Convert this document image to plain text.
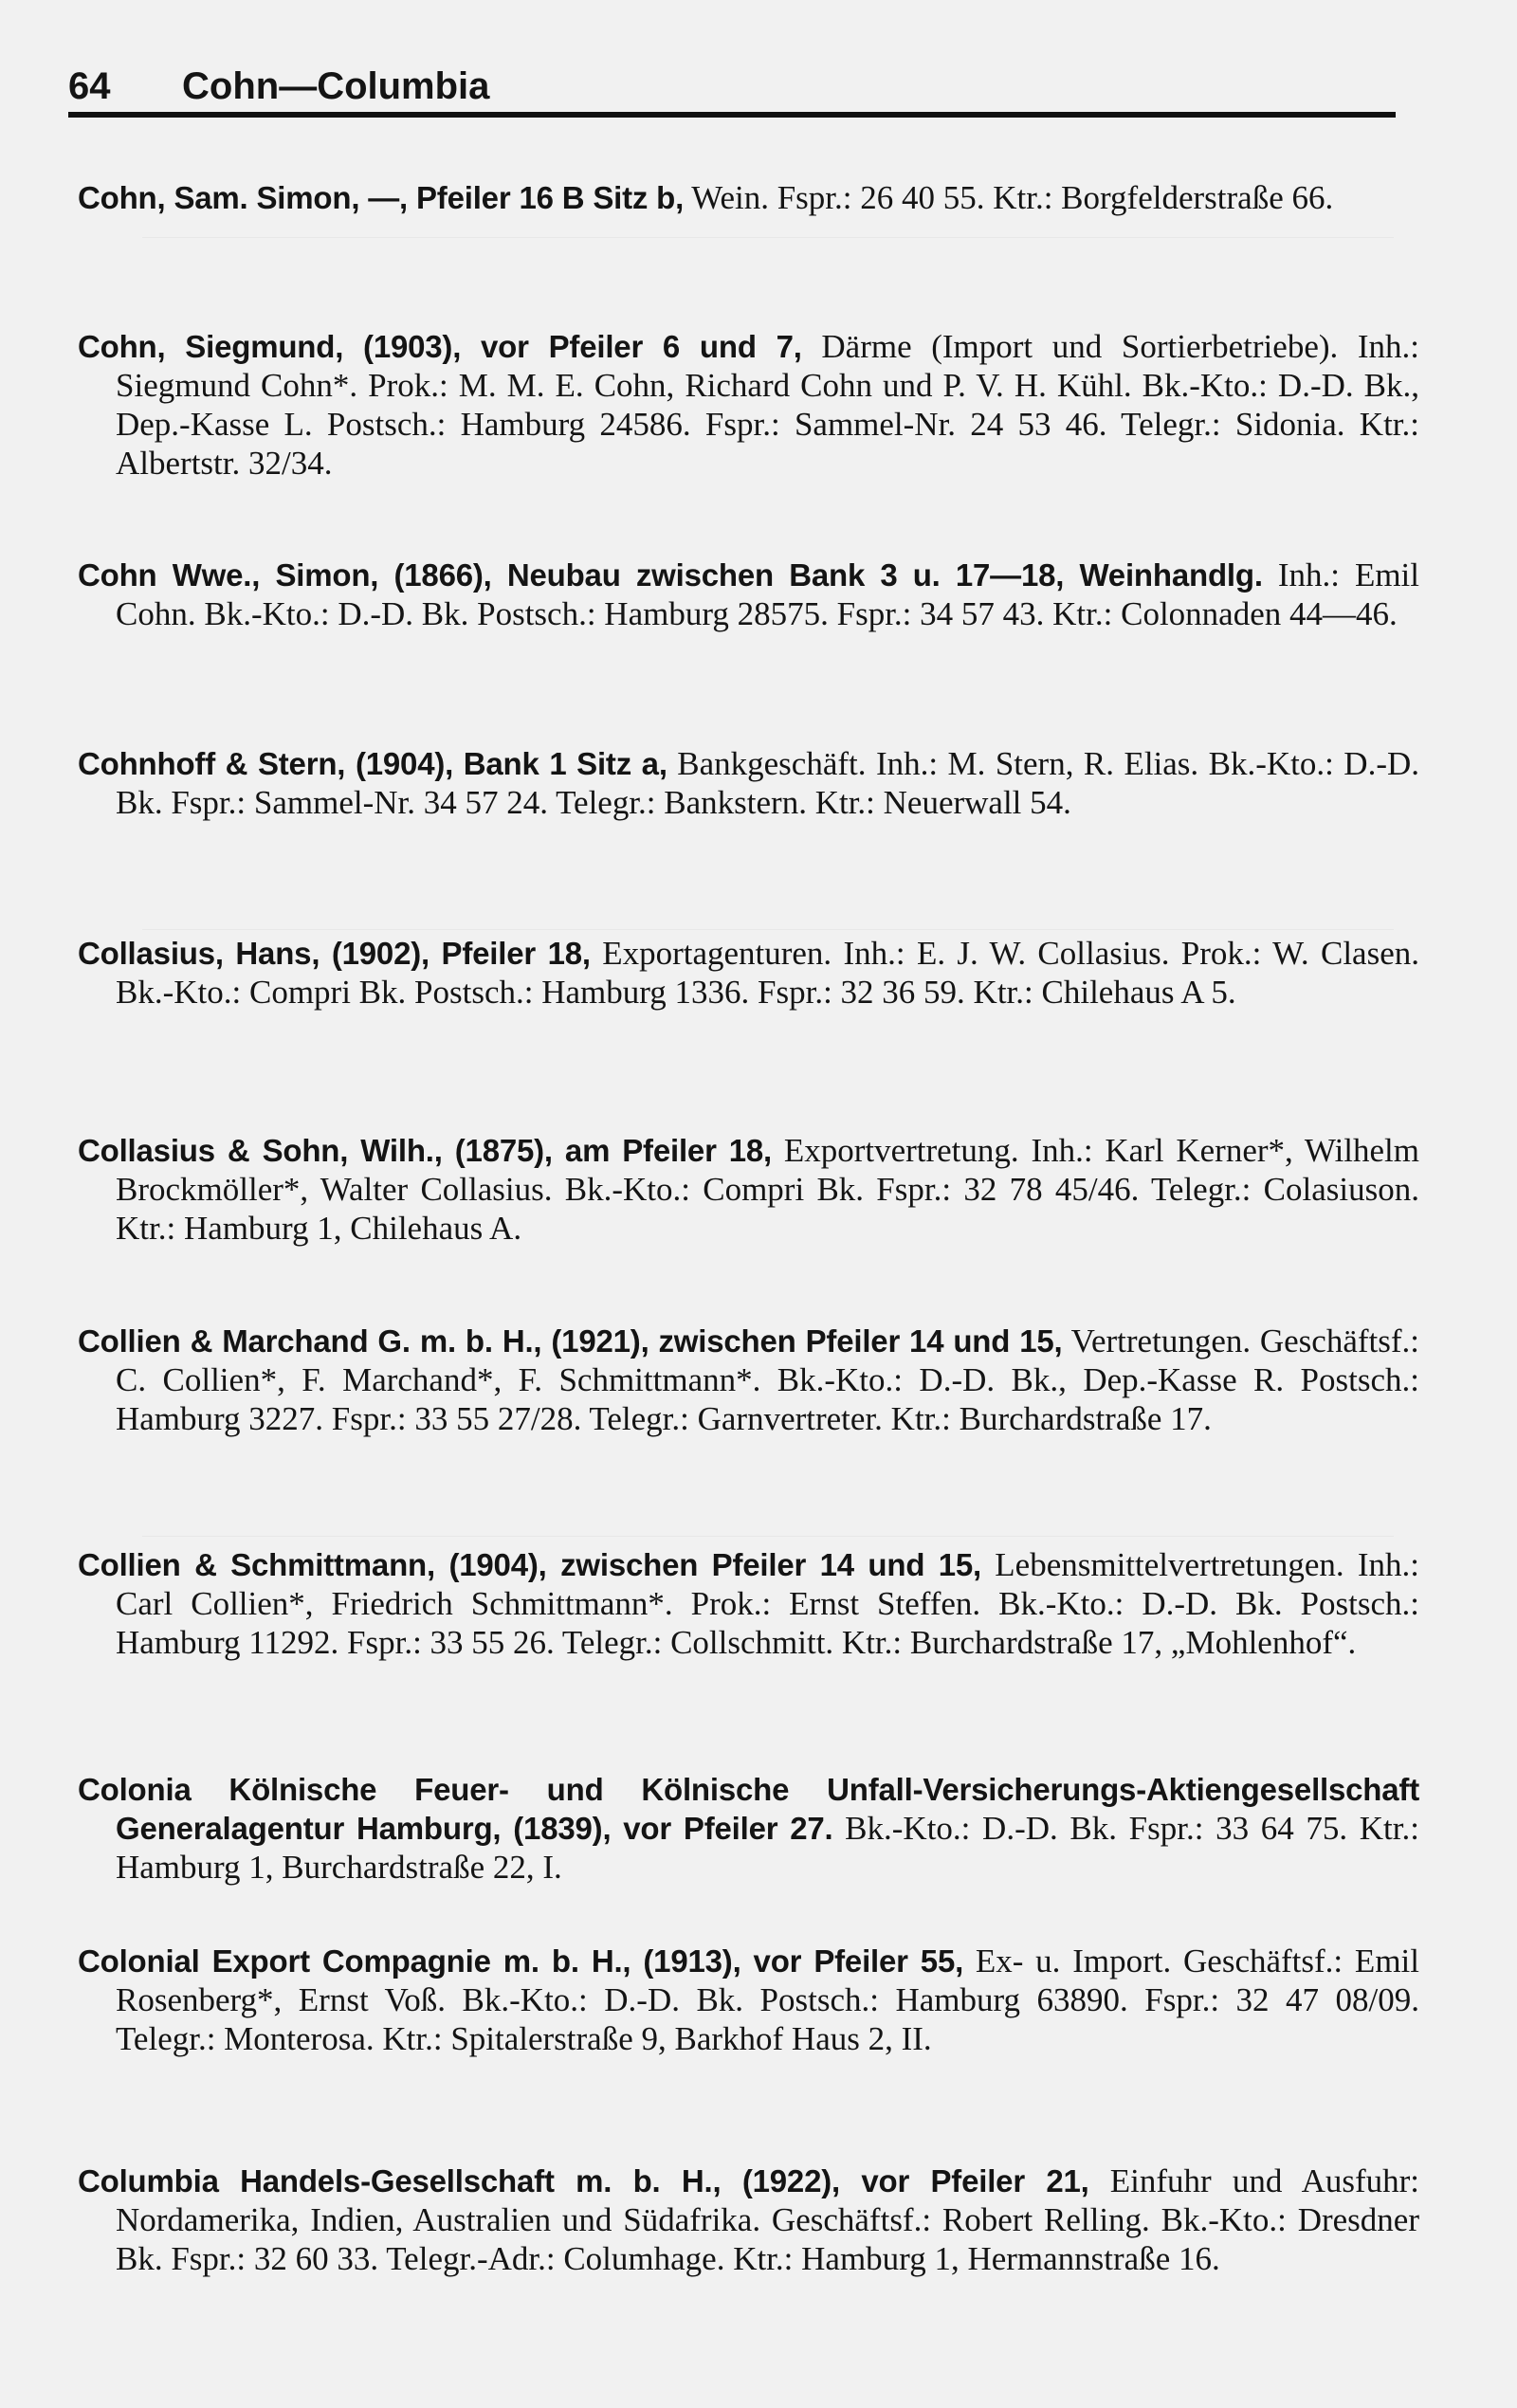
64 Cohn—Columbia
Cohn, Sam. Simon, —, Pfeiler 16 B Sitz b, Wein. Fspr.: 26 40 55. Ktr.: Borgfelderstraße 66.
Cohn, Siegmund, (1903), vor Pfeiler 6 und 7, Därme (Import und Sortierbetriebe). Inh.: Siegmund Cohn*. Prok.: M. M. E. Cohn, Richard Cohn und P. V. H. Kühl. Bk.-Kto.: D.-D. Bk., Dep.-Kasse L. Postsch.: Hamburg 24586. Fspr.: Sammel-Nr. 24 53 46. Telegr.: Sidonia. Ktr.: Albertstr. 32/34.
Cohn Wwe., Simon, (1866), Neubau zwischen Bank 3 u. 17—18, Weinhandlg. Inh.: Emil Cohn. Bk.-Kto.: D.-D. Bk. Postsch.: Hamburg 28575. Fspr.: 34 57 43. Ktr.: Colonnaden 44—46.
Cohnhoff & Stern, (1904), Bank 1 Sitz a, Bankgeschäft. Inh.: M. Stern, R. Elias. Bk.-Kto.: D.-D. Bk. Fspr.: Sammel-Nr. 34 57 24. Telegr.: Bankstern. Ktr.: Neuerwall 54.
Collasius, Hans, (1902), Pfeiler 18, Exportagenturen. Inh.: E. J. W. Collasius. Prok.: W. Clasen. Bk.-Kto.: Compri Bk. Postsch.: Hamburg 1336. Fspr.: 32 36 59. Ktr.: Chilehaus A 5.
Collasius & Sohn, Wilh., (1875), am Pfeiler 18, Exportvertretung. Inh.: Karl Kerner*, Wilhelm Brockmöller*, Walter Collasius. Bk.-Kto.: Compri Bk. Fspr.: 32 78 45/46. Telegr.: Colasiuson. Ktr.: Hamburg 1, Chilehaus A.
Collien & Marchand G. m. b. H., (1921), zwischen Pfeiler 14 und 15, Vertretungen. Geschäftsf.: C. Collien*, F. Marchand*, F. Schmittmann*. Bk.-Kto.: D.-D. Bk., Dep.-Kasse R. Postsch.: Hamburg 3227. Fspr.: 33 55 27/28. Telegr.: Garnvertreter. Ktr.: Burchardstraße 17.
Collien & Schmittmann, (1904), zwischen Pfeiler 14 und 15, Lebensmittelvertretungen. Inh.: Carl Collien*, Friedrich Schmittmann*. Prok.: Ernst Steffen. Bk.-Kto.: D.-D. Bk. Postsch.: Hamburg 11292. Fspr.: 33 55 26. Telegr.: Collschmitt. Ktr.: Burchardstraße 17, „Mohlenhof“.
Colonia Kölnische Feuer- und Kölnische Unfall-Versicherungs-Aktiengesellschaft Generalagentur Hamburg, (1839), vor Pfeiler 27. Bk.-Kto.: D.-D. Bk. Fspr.: 33 64 75. Ktr.: Hamburg 1, Burchardstraße 22, I.
Colonial Export Compagnie m. b. H., (1913), vor Pfeiler 55, Ex- u. Import. Geschäftsf.: Emil Rosenberg*, Ernst Voß. Bk.-Kto.: D.-D. Bk. Postsch.: Hamburg 63890. Fspr.: 32 47 08/09. Telegr.: Monterosa. Ktr.: Spitalerstraße 9, Barkhof Haus 2, II.
Columbia Handels-Gesellschaft m. b. H., (1922), vor Pfeiler 21, Einfuhr und Ausfuhr: Nordamerika, Indien, Australien und Südafrika. Geschäftsf.: Robert Relling. Bk.-Kto.: Dresdner Bk. Fspr.: 32 60 33. Telegr.-Adr.: Columhage. Ktr.: Hamburg 1, Hermannstraße 16.
